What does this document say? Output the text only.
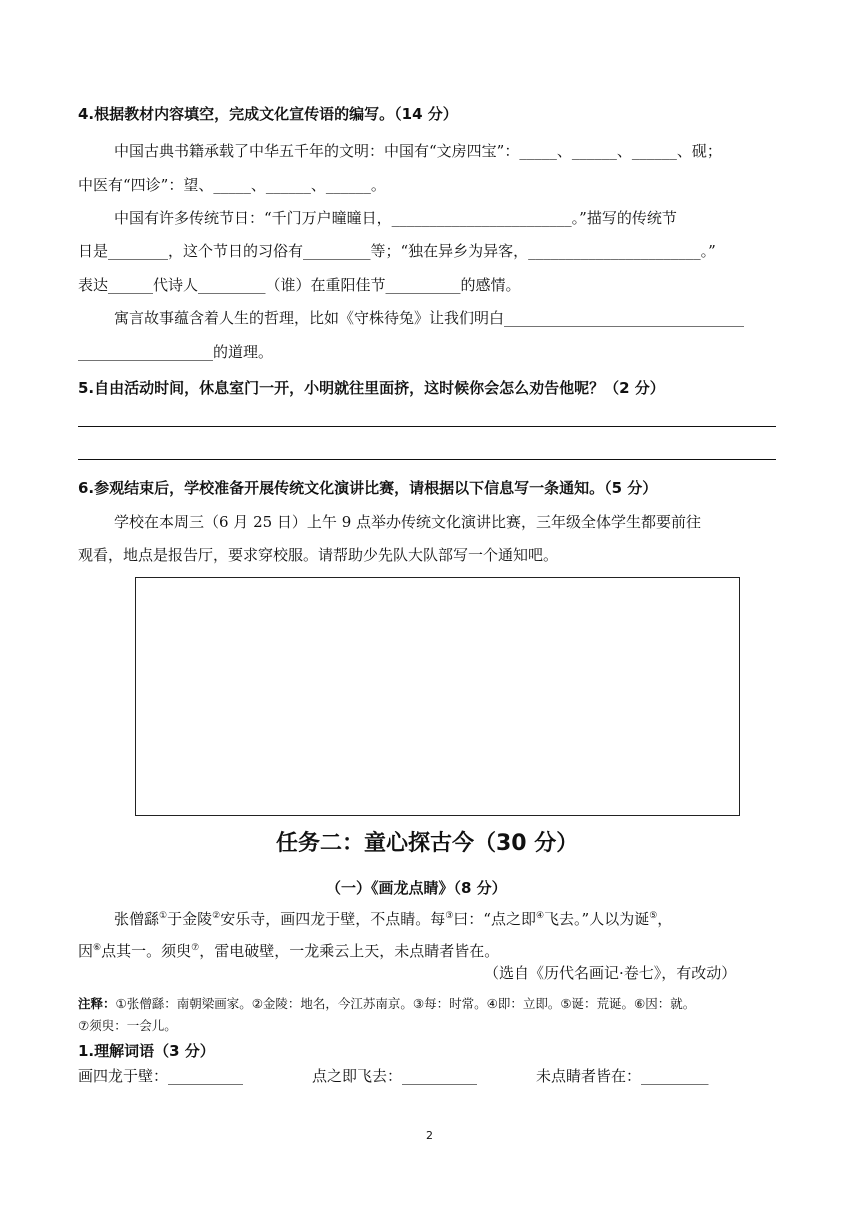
4.根据教材内容填空，完成文化宣传语的编写。（14 分）
中国古典书籍承载了中华五千年的文明：中国有“文房四宝”：_____、______、______、砚；
中医有“四诊”：望、_____、______、______。
中国有许多传统节日：“千门万户曈曈日，________________________。”描写的传统节
日是________，这个节日的习俗有_________等；“独在异乡为异客，_______________________。”
表达______代诗人_________（谁）在重阳佳节__________的感情。
寓言故事蕴含着人生的哲理，比如《守株待兔》让我们明白________________________________
__________________的道理。
5.自由活动时间，休息室门一开，小明就往里面挤，这时候你会怎么劝告他呢？（2 分）
6.参观结束后，学校准备开展传统文化演讲比赛，请根据以下信息写一条通知。（5 分）
学校在本周三（6 月 25 日）上午 9 点举办传统文化演讲比赛，三年级全体学生都要前往
观看，地点是报告厅，要求穿校服。请帮助少先队大队部写一个通知吧。
任务二：童心探古今（30 分）
（一）《画龙点睛》（8 分）
张僧繇①于金陵②安乐寺，画四龙于壁，不点睛。每③曰：“点之即④飞去。”人以为诞⑤，
因⑥点其一。须臾⑦，雷电破壁，一龙乘云上天，未点睛者皆在。
（选自《历代名画记·卷七》，有改动）
注释：①张僧繇：南朝梁画家。②金陵：地名，今江苏南京。③每：时常。④即：立即。⑤诞：荒诞。⑥因：就。
⑦须臾：一会儿。
1.理解词语（3 分）
画四龙于壁：__________	点之即飞去：__________	未点睛者皆在：_________
2
